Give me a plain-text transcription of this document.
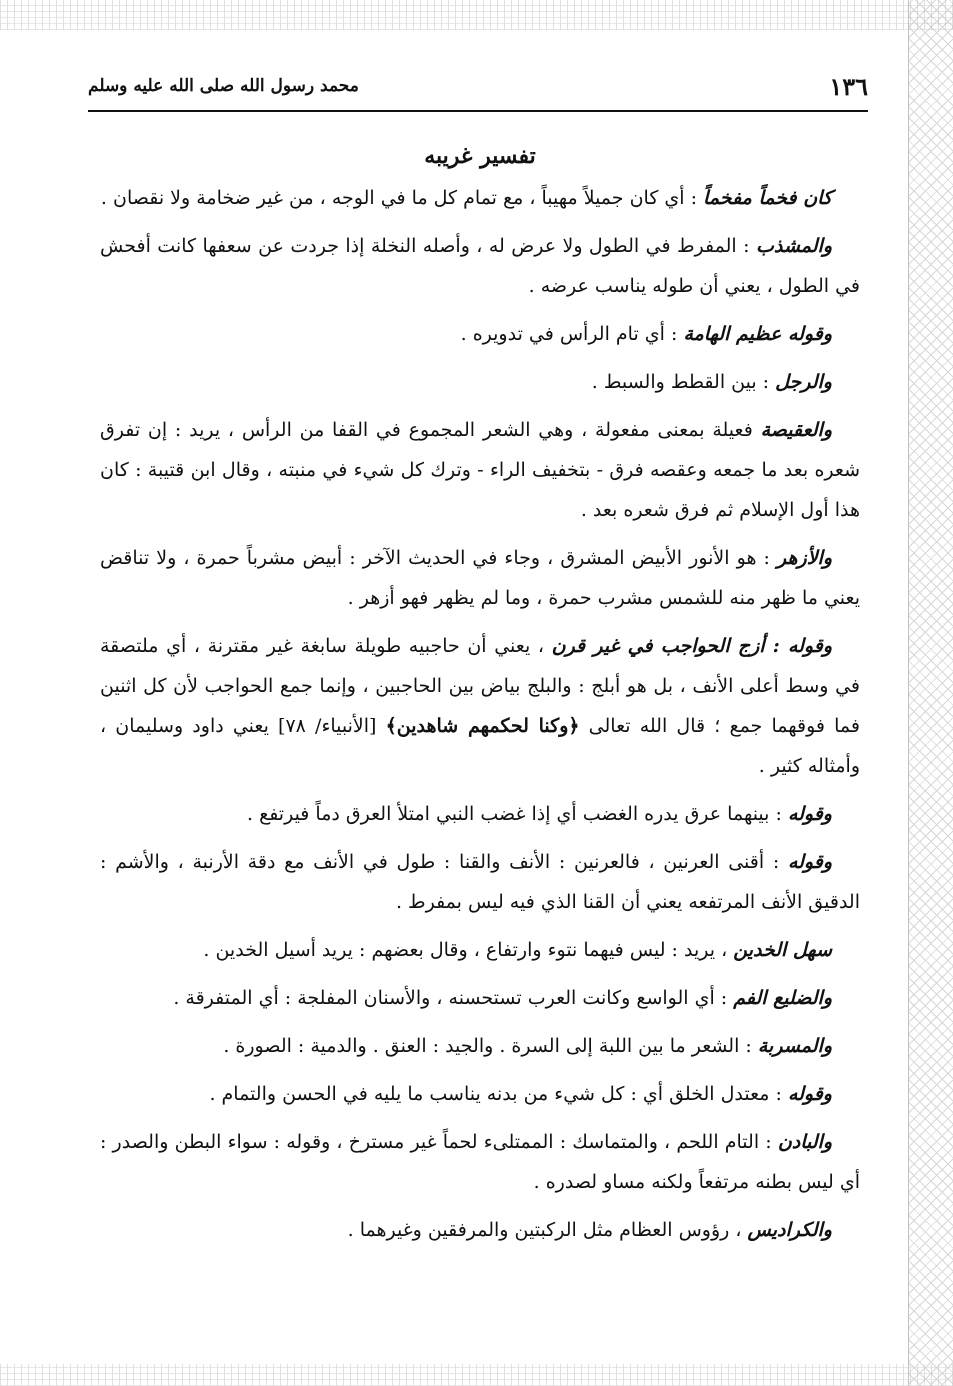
١٣٦
محمد رسول الله صلى الله عليه وسلم
تفسير غريبه

كان فخماً مفخماً : أي كان جميلاً مهيباً ، مع تمام كل ما في الوجه ، من غير ضخامة ولا نقصان .

والمشذب : المفرط في الطول ولا عرض له ، وأصله النخلة إذا جردت عن سعفها كانت أفحش في الطول ، يعني أن طوله يناسب عرضه .

وقوله عظيم الهامة : أي تام الرأس في تدويره .

والرجل : بين القطط والسبط .

والعقيصة فعيلة بمعنى مفعولة ، وهي الشعر المجموع في القفا من الرأس ، يريد : إن تفرق شعره بعد ما جمعه وعقصه فرق - بتخفيف الراء - وترك كل شيء في منبته ، وقال ابن قتيبة : كان هذا أول الإسلام ثم فرق شعره بعد .

والأزهر : هو الأنور الأبيض المشرق ، وجاء في الحديث الآخر : أبيض مشرباً حمرة ، ولا تناقض يعني ما ظهر منه للشمس مشرب حمرة ، وما لم يظهر فهو أزهر .

وقوله : أزج الحواجب في غير قرن ، يعني أن حاجبيه طويلة سابغة غير مقترنة ، أي ملتصقة في وسط أعلى الأنف ، بل هو أبلج : والبلج بياض بين الحاجبين ، وإنما جمع الحواجب لأن كل اثنين فما فوقهما جمع ؛ قال الله تعالى ﴿وكنا لحكمهم شاهدين﴾ [الأنبياء/ ٧٨] يعني داود وسليمان ، وأمثاله كثير .

وقوله : بينهما عرق يدره الغضب أي إذا غضب النبي امتلأ العرق دماً فيرتفع .

وقوله : أقنى العرنين ، فالعرنين : الأنف والقنا : طول في الأنف مع دقة الأرنبة ، والأشم : الدقيق الأنف المرتفعه يعني أن القنا الذي فيه ليس بمفرط .

سهل الخدين ، يريد : ليس فيهما نتوء وارتفاع ، وقال بعضهم : يريد أسيل الخدين .

والضليع الفم : أي الواسع وكانت العرب تستحسنه ، والأسنان المفلجة : أي المتفرقة .

والمسربة : الشعر ما بين اللبة إلى السرة . والجيد : العنق . والدمية : الصورة .

وقوله : معتدل الخلق أي : كل شيء من بدنه يناسب ما يليه في الحسن والتمام .

والبادن : التام اللحم ، والمتماسك : الممتلىء لحماً غير مسترخ ، وقوله : سواء البطن والصدر : أي ليس بطنه مرتفعاً ولكنه مساو لصدره .

والكراديس ، رؤوس العظام مثل الركبتين والمرفقين وغيرهما .
